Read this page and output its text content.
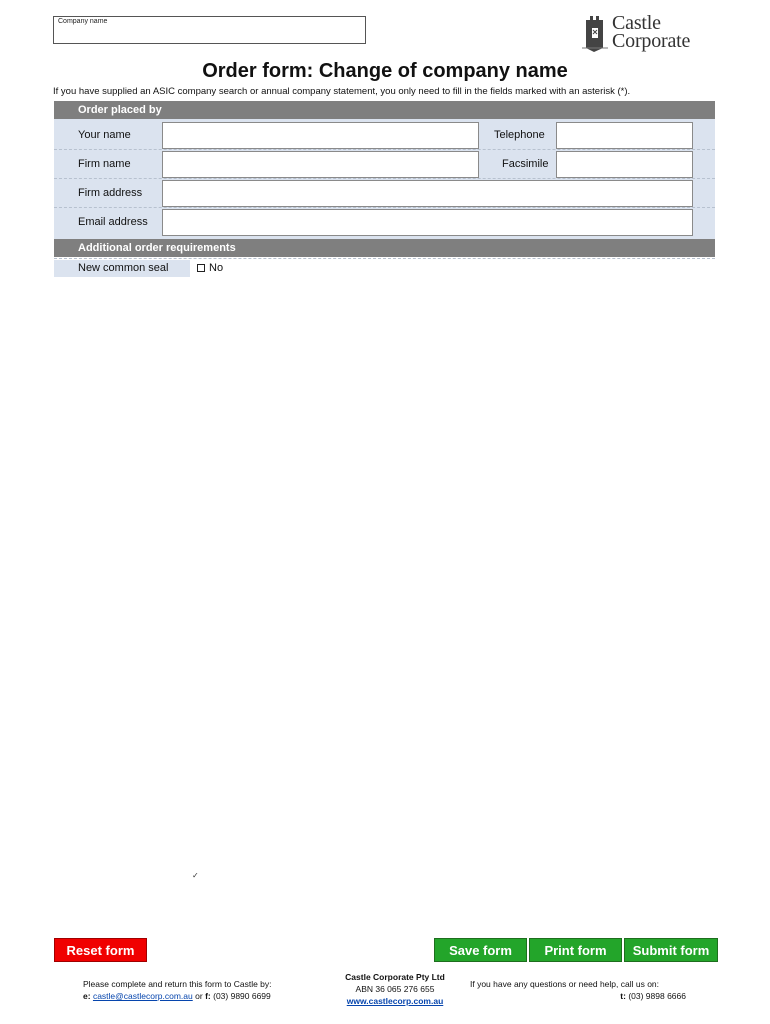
Company name	Castle
Corporate
Order form: Change of company name
If you have supplied an ASIC company search or annual company statement, you only need to fill in the fields marked with an asterisk (*).
Order placed by
Your name	Telephone
Firm name	Facsimile
Firm address
Email address
Additional order requirements
New common seal	No
✓
Reset form	Save form	Print form	Submit form
Please complete and return this form to Castle by:
e: castle@castlecorp.com.au or f: (03) 9890 6699
Castle Corporate Pty Ltd
ABN 36 065 276 655
www.castlecorp.com.au
If you have any questions or need help, call us on:
t: (03) 9898 6666
